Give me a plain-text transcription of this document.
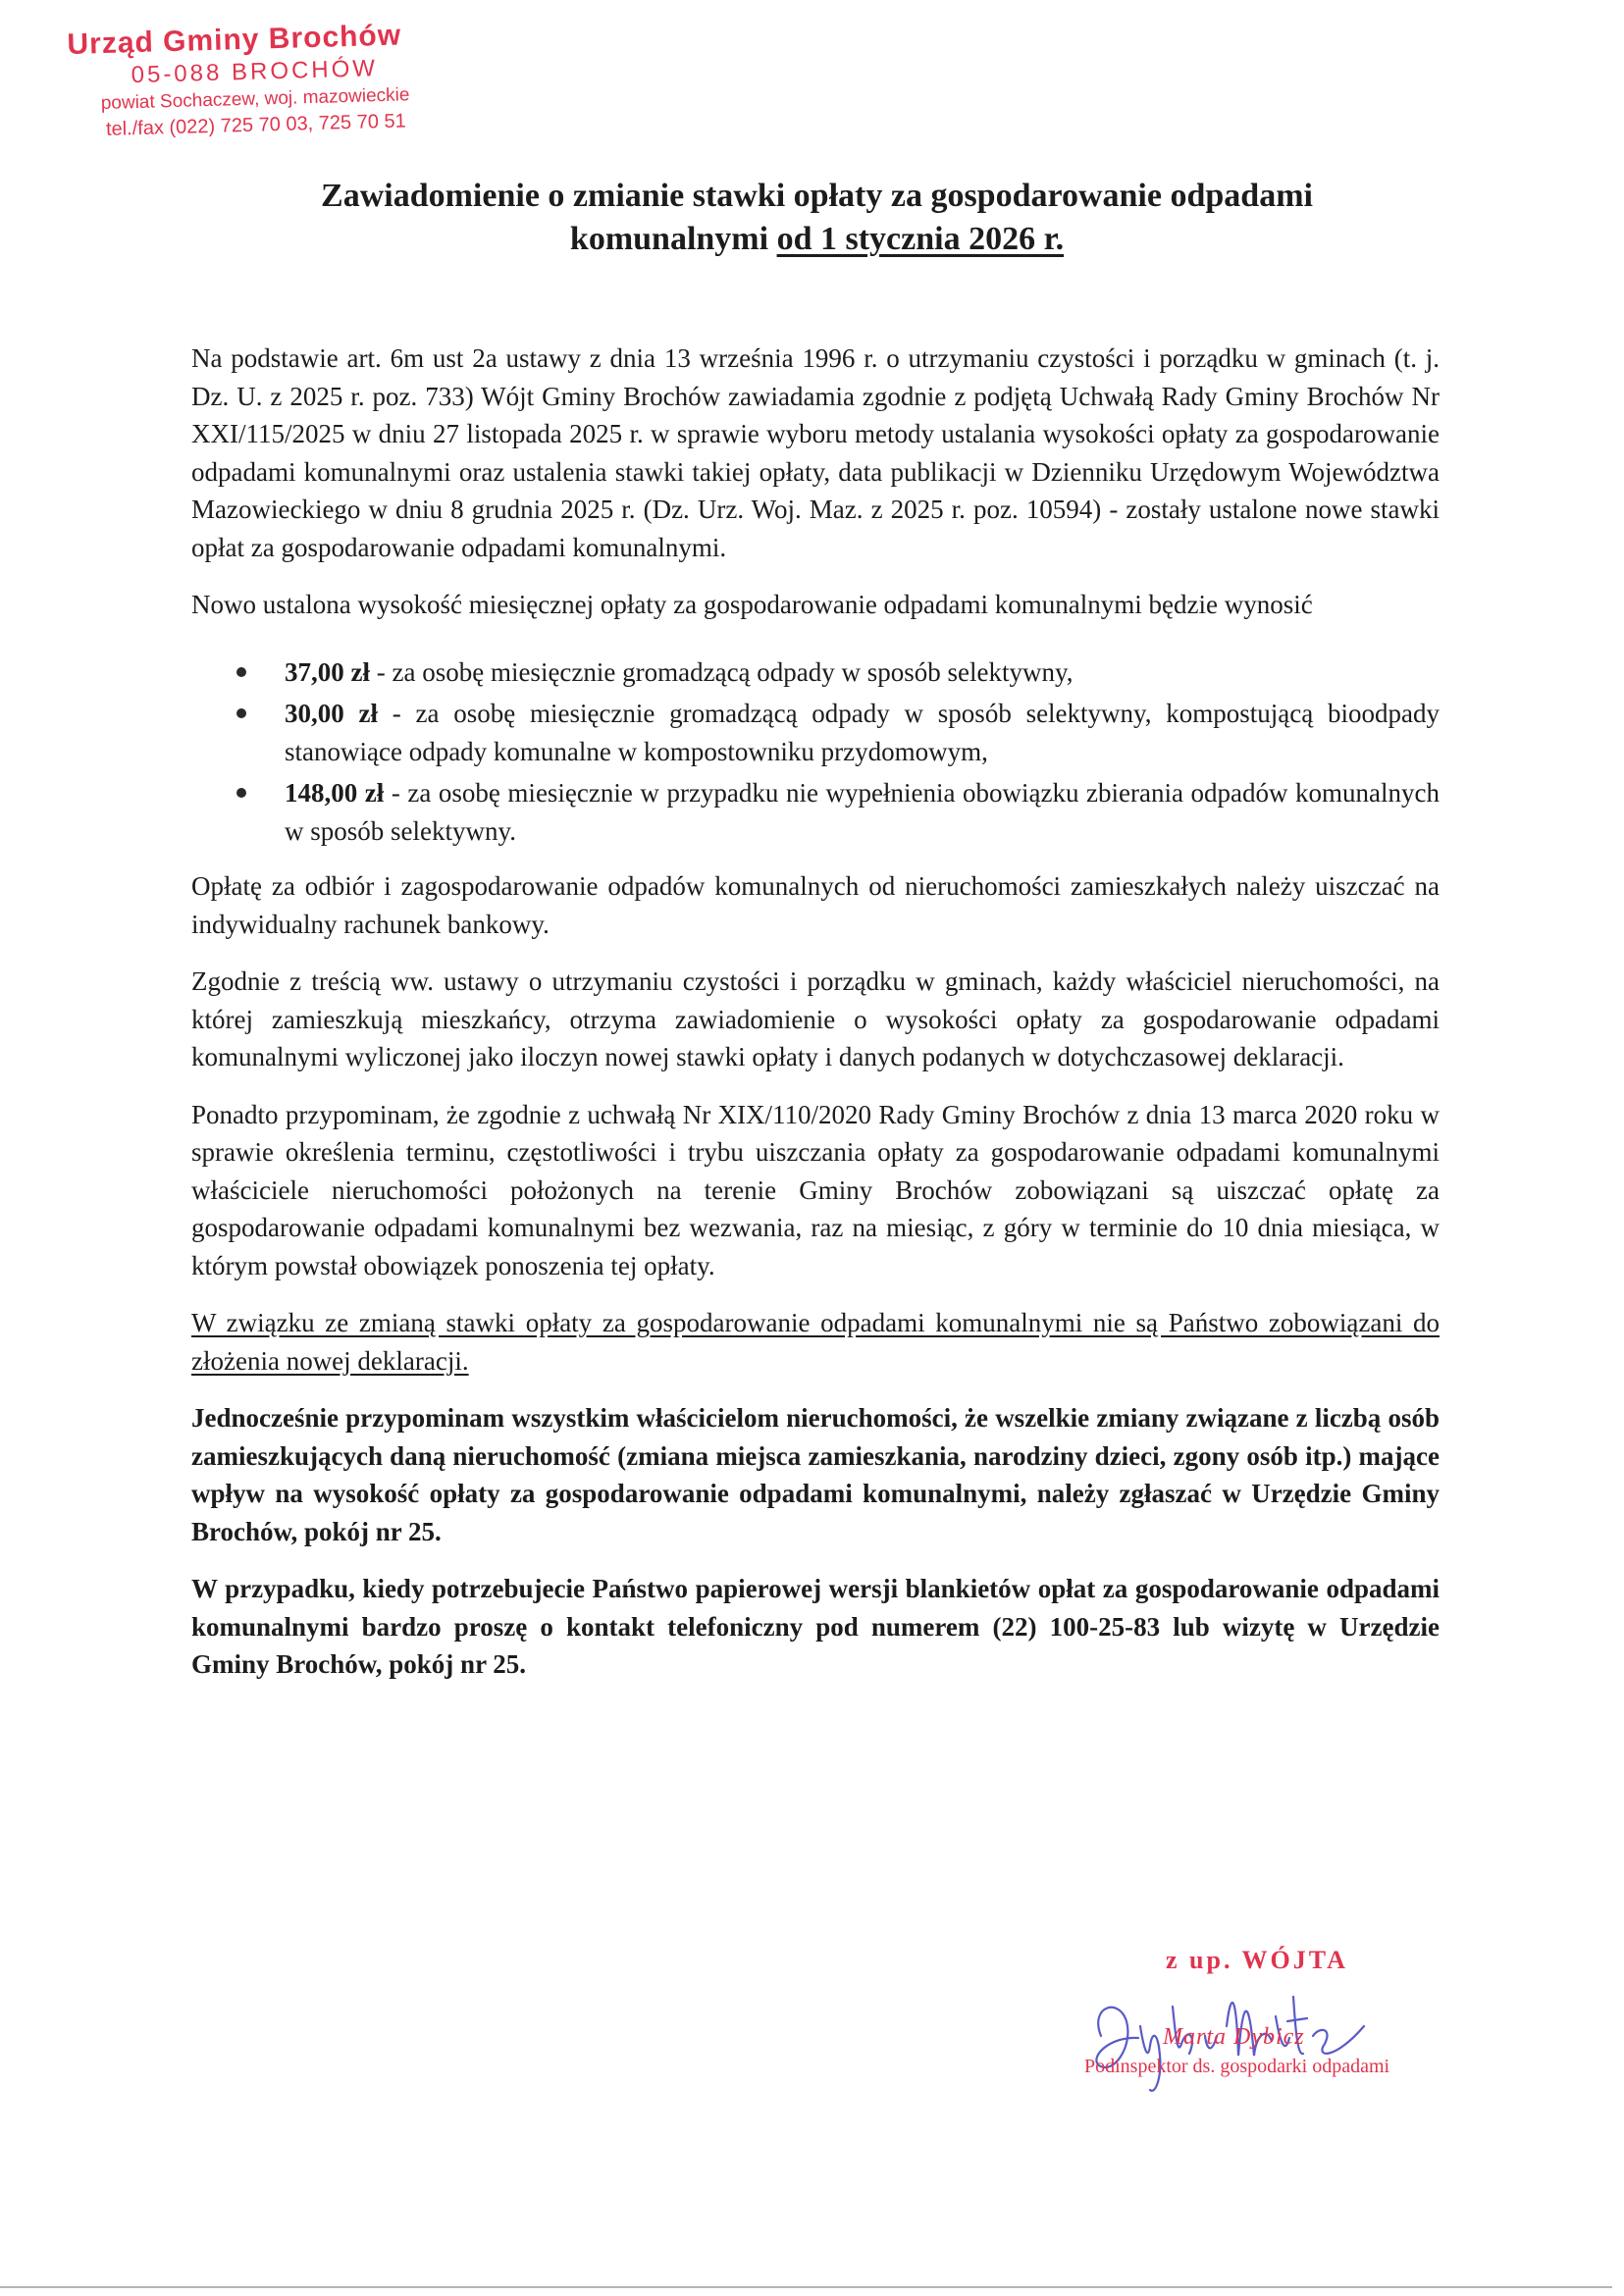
Urząd Gminy Brochów
05-088 BROCHÓW
powiat Sochaczew, woj. mazowieckie
tel./fax (022) 725 70 03, 725 70 51
Zawiadomienie o zmianie stawki opłaty za gospodarowanie odpadami
komunalnymi od 1 stycznia 2026 r.

Na podstawie art. 6m ust 2a ustawy z dnia 13 września 1996 r. o utrzymaniu czystości i porządku w gminach (t. j. Dz. U. z 2025 r. poz. 733) Wójt Gminy Brochów zawiadamia zgodnie z podjętą Uchwałą Rady Gminy Brochów Nr XXI/115/2025 w dniu 27 listopada 2025 r. w sprawie wyboru metody ustalania wysokości opłaty za gospodarowanie odpadami komunalnymi oraz ustalenia stawki takiej opłaty, data publikacji w Dzienniku Urzędowym Województwa Mazowieckiego w dniu 8 grudnia 2025 r. (Dz. Urz. Woj. Maz. z 2025 r. poz. 10594) - zostały ustalone nowe stawki opłat za gospodarowanie odpadami komunalnymi.

Nowo ustalona wysokość miesięcznej opłaty za gospodarowanie odpadami komunalnymi będzie wynosić

37,00 zł - za osobę miesięcznie gromadzącą odpady w sposób selektywny,
30,00 zł - za osobę miesięcznie gromadzącą odpady w sposób selektywny, kompostującą bioodpady stanowiące odpady komunalne w kompostowniku przydomowym,
148,00 zł - za osobę miesięcznie w przypadku nie wypełnienia obowiązku zbierania odpadów komunalnych w sposób selektywny.

Opłatę za odbiór i zagospodarowanie odpadów komunalnych od nieruchomości zamieszkałych należy uiszczać na indywidualny rachunek bankowy.

Zgodnie z treścią ww. ustawy o utrzymaniu czystości i porządku w gminach, każdy właściciel nieruchomości, na której zamieszkują mieszkańcy, otrzyma zawiadomienie o wysokości opłaty za gospodarowanie odpadami komunalnymi wyliczonej jako iloczyn nowej stawki opłaty i danych podanych w dotychczasowej deklaracji.

Ponadto przypominam, że zgodnie z uchwałą Nr XIX/110/2020 Rady Gminy Brochów z dnia 13 marca 2020 roku w sprawie określenia terminu, częstotliwości i trybu uiszczania opłaty za gospodarowanie odpadami komunalnymi właściciele nieruchomości położonych na terenie Gminy Brochów zobowiązani są uiszczać opłatę za gospodarowanie odpadami komunalnymi bez wezwania, raz na miesiąc, z góry w terminie do 10 dnia miesiąca, w którym powstał obowiązek ponoszenia tej opłaty.

W związku ze zmianą stawki opłaty za gospodarowanie odpadami komunalnymi nie są Państwo zobowiązani do złożenia nowej deklaracji.

Jednocześnie przypominam wszystkim właścicielom nieruchomości, że wszelkie zmiany związane z liczbą osób zamieszkujących daną nieruchomość (zmiana miejsca zamieszkania, narodziny dzieci, zgony osób itp.) mające wpływ na wysokość opłaty za gospodarowanie odpadami komunalnymi, należy zgłaszać w Urzędzie Gminy Brochów, pokój nr 25.

W przypadku, kiedy potrzebujecie Państwo papierowej wersji blankietów opłat za gospodarowanie odpadami komunalnymi bardzo proszę o kontakt telefoniczny pod numerem (22) 100-25-83 lub wizytę w Urzędzie Gminy Brochów, pokój nr 25.

z up. WÓJTA
Marta Dybicz
Podinspektor ds. gospodarki odpadami
